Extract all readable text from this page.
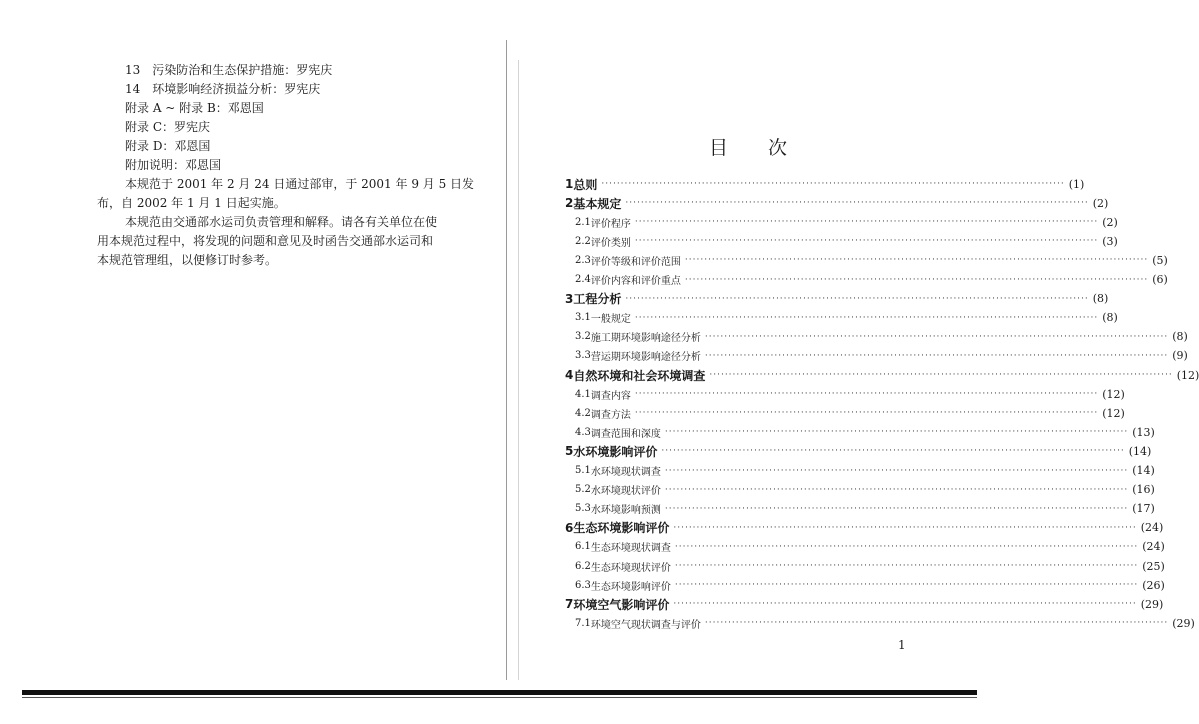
13　污染防治和生态保护措施：罗宪庆
14　环境影响经济损益分析：罗宪庆
附录 A ~ 附录 B：邓恩国
附录 C：罗宪庆
附录 D：邓恩国
附加说明：邓恩国
本规范于 2001 年 2 月 24 日通过部审，于 2001 年 9 月 5 日发
布，自 2002 年 1 月 1 日起实施。
本规范由交通部水运司负责管理和解释。请各有关单位在使
用本规范过程中，将发现的问题和意见及时函告交通部水运司和
本规范管理组，以便修订时参考。
目 次
1 总则 ························································································································ (1)
2 基本规定 ························································································································ (2)
2.1 评价程序 ························································································································ (2)
2.2 评价类别 ························································································································ (3)
2.3 评价等级和评价范围 ························································································································ (5)
2.4 评价内容和评价重点 ························································································································ (6)
3 工程分析 ························································································································ (8)
3.1 一般规定 ························································································································ (8)
3.2 施工期环境影响途径分析 ························································································································ (8)
3.3 营运期环境影响途径分析 ························································································································ (9)
4 自然环境和社会环境调查 ························································································································ (12)
4.1 调查内容 ························································································································ (12)
4.2 调查方法 ························································································································ (12)
4.3 调查范围和深度 ························································································································ (13)
5 水环境影响评价 ························································································································ (14)
5.1 水环境现状调查 ························································································································ (14)
5.2 水环境现状评价 ························································································································ (16)
5.3 水环境影响预测 ························································································································ (17)
6 生态环境影响评价 ························································································································ (24)
6.1 生态环境现状调查 ························································································································ (24)
6.2 生态环境现状评价 ························································································································ (25)
6.3 生态环境影响评价 ························································································································ (26)
7 环境空气影响评价 ························································································································ (29)
7.1 环境空气现状调查与评价 ························································································································ (29)
1
